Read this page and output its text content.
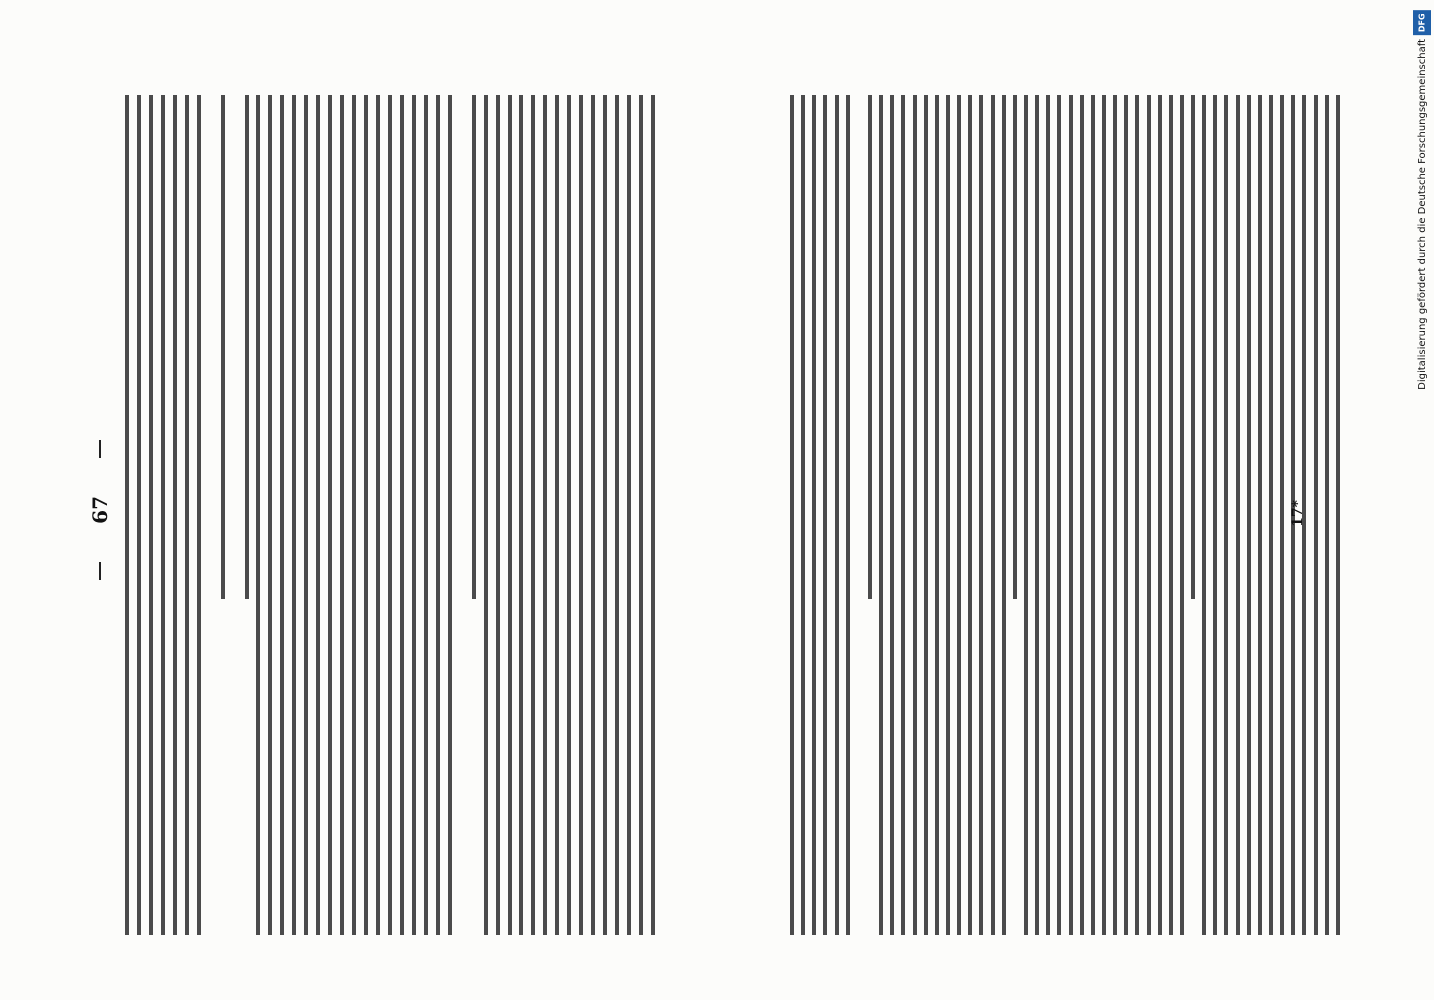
67	17*
DFG
Digitalisierung gefördert durch die Deutsche Forschungsgemeinschaft
